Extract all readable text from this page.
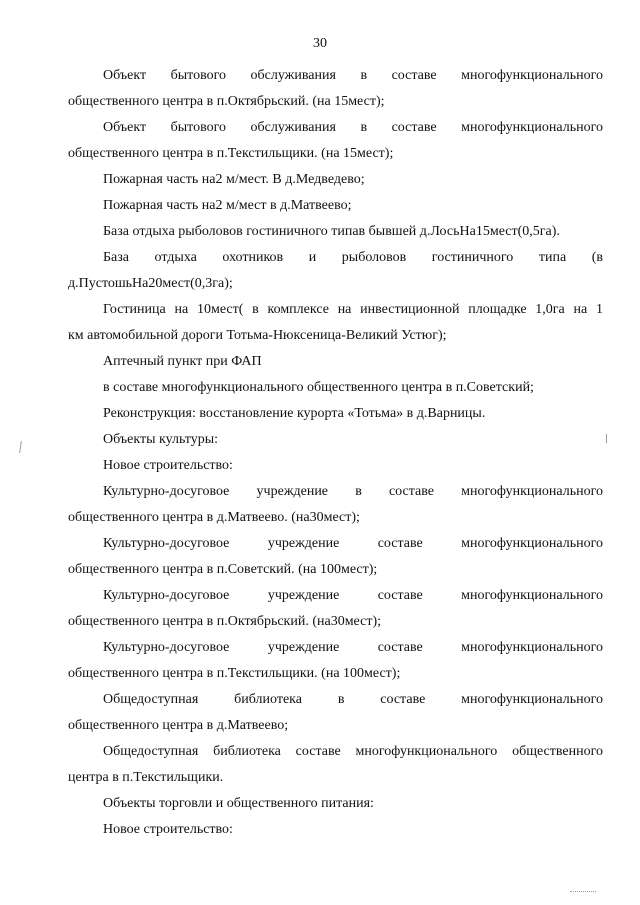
30
Объект бытового обслуживания в составе многофункционального
общественного центра в п.Октябрьский. (на 15мест);
Объект бытового обслуживания в составе многофункционального
общественного центра в п.Текстильщики. (на 15мест);
Пожарная часть на2 м/мест. В д.Медведево;
Пожарная часть на2 м/мест в д.Матвеево;
База отдыха рыболовов гостиничного типав бывшей д.ЛосьНа15мест(0,5га).
База отдыха охотников и рыболовов гостиничного типа (в
д.ПустошьНа20мест(0,3га);
Гостиница на 10мест( в комплексе на инвестиционной площадке 1,0га на 1
км автомобильной дороги Тотьма-Нюксеница-Великий Устюг);
Аптечный пункт при ФАП
в составе многофункционального общественного центра в п.Советский;
Реконструкция: восстановление курорта «Тотьма» в д.Варницы.
Объекты культуры:
Новое строительство:
Культурно-досуговое учреждение в составе многофункционального
общественного центра в д.Матвеево. (на30мест);
Культурно-досуговое учреждение составе многофункционального
общественного центра в п.Советский. (на 100мест);
Культурно-досуговое учреждение составе многофункционального
общественного центра в п.Октябрьский. (на30мест);
Культурно-досуговое учреждение составе многофункционального
общественного центра в п.Текстильщики. (на 100мест);
Общедоступная библиотека в составе многофункционального
общественного центра в д.Матвеево;
Общедоступная библиотека составе многофункционального общественного
центра в п.Текстильщики.
Объекты торговли и общественного питания:
Новое строительство:
